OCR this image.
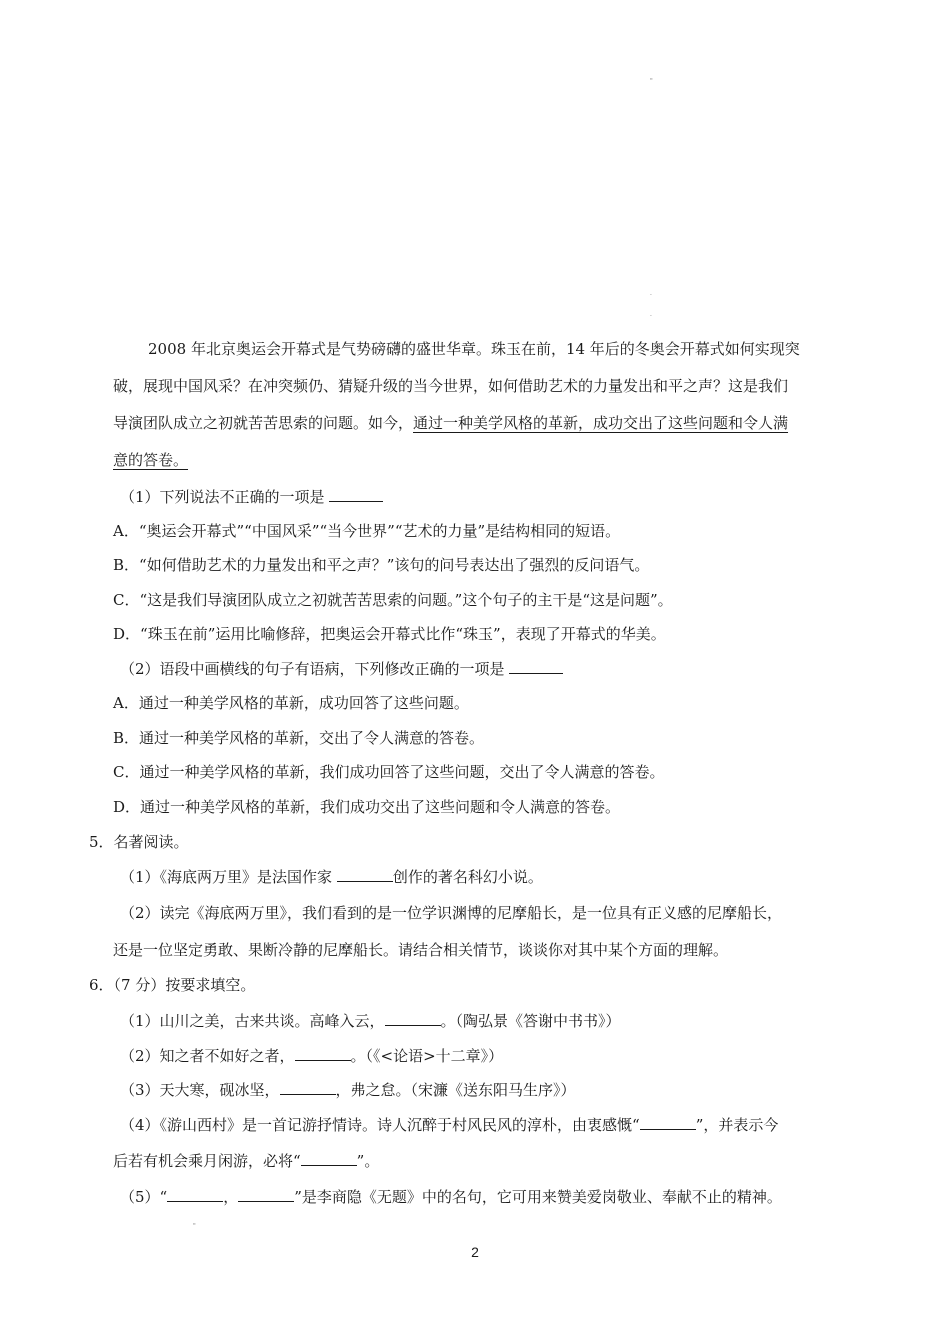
"
·
·
2008 年北京奥运会开幕式是气势磅礴的盛世华章。珠玉在前，14 年后的冬奥会开幕式如何实现突
破，展现中国风采？在冲突频仍、猜疑升级的当今世界，如何借助艺术的力量发出和平之声？这是我们
导演团队成立之初就苦苦思索的问题。如今，通过一种美学风格的革新，成功交出了这些问题和令人满
意的答卷。
（1）下列说法不正确的一项是
A．“奥运会开幕式”“中国风采”“当今世界”“艺术的力量”是结构相同的短语。
B．“如何借助艺术的力量发出和平之声？”该句的问号表达出了强烈的反问语气。
C．“这是我们导演团队成立之初就苦苦思索的问题。”这个句子的主干是“这是问题”。
D．“珠玉在前”运用比喻修辞，把奥运会开幕式比作“珠玉”，表现了开幕式的华美。
（2）语段中画横线的句子有语病，下列修改正确的一项是
A．通过一种美学风格的革新，成功回答了这些问题。
B．通过一种美学风格的革新，交出了令人满意的答卷。
C．通过一种美学风格的革新，我们成功回答了这些问题，交出了令人满意的答卷。
D．通过一种美学风格的革新，我们成功交出了这些问题和令人满意的答卷。
5．名著阅读。
（1）《海底两万里》是法国作家	创作的著名科幻小说。
（2）读完《海底两万里》，我们看到的是一位学识渊博的尼摩船长，是一位具有正义感的尼摩船长，
还是一位坚定勇敢、果断冷静的尼摩船长。请结合相关情节，谈谈你对其中某个方面的理解。
6．（7 分）按要求填空。
（1）山川之美，古来共谈。高峰入云，	。（陶弘景《答谢中书书》）
（2）知之者不如好之者，	。（《<论语>十二章》）
（3）天大寒，砚冰坚，	，弗之怠。（宋濂《送东阳马生序》）
（4）《游山西村》是一首记游抒情诗。诗人沉醉于村风民风的淳朴，由衷感慨“	”，并表示今
后若有机会乘月闲游，必将“	”。
（5）“	，	”是李商隐《无题》中的名句，它可用来赞美爱岗敬业、奉献不止的精神。
"
2
